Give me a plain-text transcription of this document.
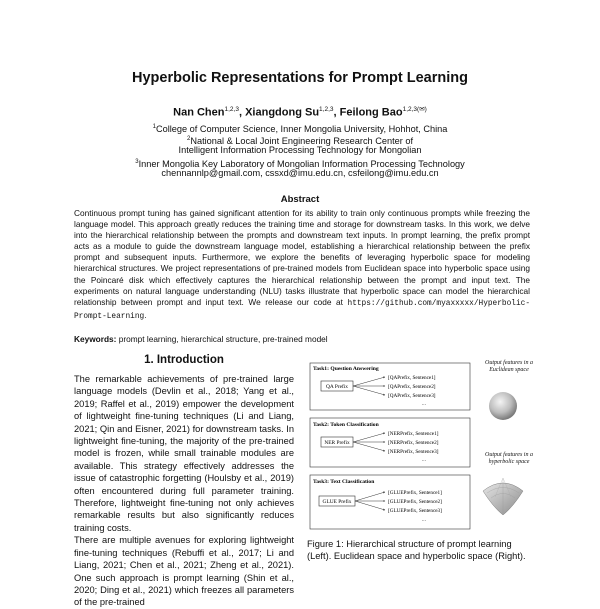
Hyperbolic Representations for Prompt Learning
Nan Chen$^{1,2,3}$, Xiangdong Su$^{1,2,3}$, Feilong Bao$^{1,2,3(✉)}$
$^1$College of Computer Science, Inner Mongolia University, Hohhot, China
$^2$National & Local Joint Engineering Research Center of
Intelligent Information Processing Technology for Mongolian
$^3$Inner Mongolia Key Laboratory of Mongolian Information Processing Technology
chennannlp@gmail.com, cssxd@imu.edu.cn, csfeilong@imu.edu.cn
Abstract
Continuous prompt tuning has gained significant attention for its ability to train only continuous prompts while freezing the language model. This approach greatly reduces the training time and storage for downstream tasks. In this work, we delve into the hierarchical relationship between the prompts and downstream text inputs. In prompt learning, the prefix prompt acts as a module to guide the downstream language model, establishing a hierarchical relationship between the prefix prompt and subsequent inputs. Furthermore, we explore the benefits of leveraging hyperbolic space for modeling hierarchical structures. We project representations of pre-trained models from Euclidean space into hyperbolic space using the Poincaré disk which effectively captures the hierarchical relationship between the prompt and input text. The experiments on natural language understanding (NLU) tasks illustrate that hyperbolic space can model the hierarchical relationship between prompt and input text. We release our code at https://github.com/myaxxxxx/Hyperbolic-Prompt-Learning.
Keywords: prompt learning, hierarchical structure, pre-trained model
1. Introduction

The remarkable achievements of pre-trained large language models (Devlin et al., 2018; Yang et al., 2019; Raffel et al., 2019) empower the development of lightweight fine-tuning techniques (Li and Liang, 2021; Qin and Eisner, 2021) for downstream tasks. In lightweight fine-tuning, the majority of the pre-trained model is frozen, while small trainable modules are available. This strategy effectively addresses the issue of catastrophic forgetting (Houlsby et al., 2019) often encountered during full parameter training. Therefore, lightweight fine-tuning not only achieves remarkable results but also significantly reduces training costs.

There are multiple avenues for exploring lightweight fine-tuning techniques (Rebuffi et al., 2017; Li and Liang, 2021; Chen et al., 2021; Zheng et al., 2021). One such approach is prompt learning (Shin et al., 2020; Ding et al., 2021) which freezes all parameters of the pre-trained

Task1: Question Answering
QA Prefix
[QAPrefix, Sentence1]
[QAPrefix, Sentence2]
[QAPrefix, Sentence3]
...
Task2: Token Classification
NER Prefix
[NERPrefix, Sentence1]
[NERPrefix, Sentence2]
[NERPrefix, Sentence3]
...
Task3: Text Classification
GLUE Prefix
[GLUEPrefix, Sentence1]
[GLUEPrefix, Sentence2]
[GLUEPrefix, Sentence3]
...
Output features in a Euclidean space
Output features in a hyperbolic space
Figure 1: Hierarchical structure of prompt learning (Left). Euclidean space and hyperbolic space (Right).
